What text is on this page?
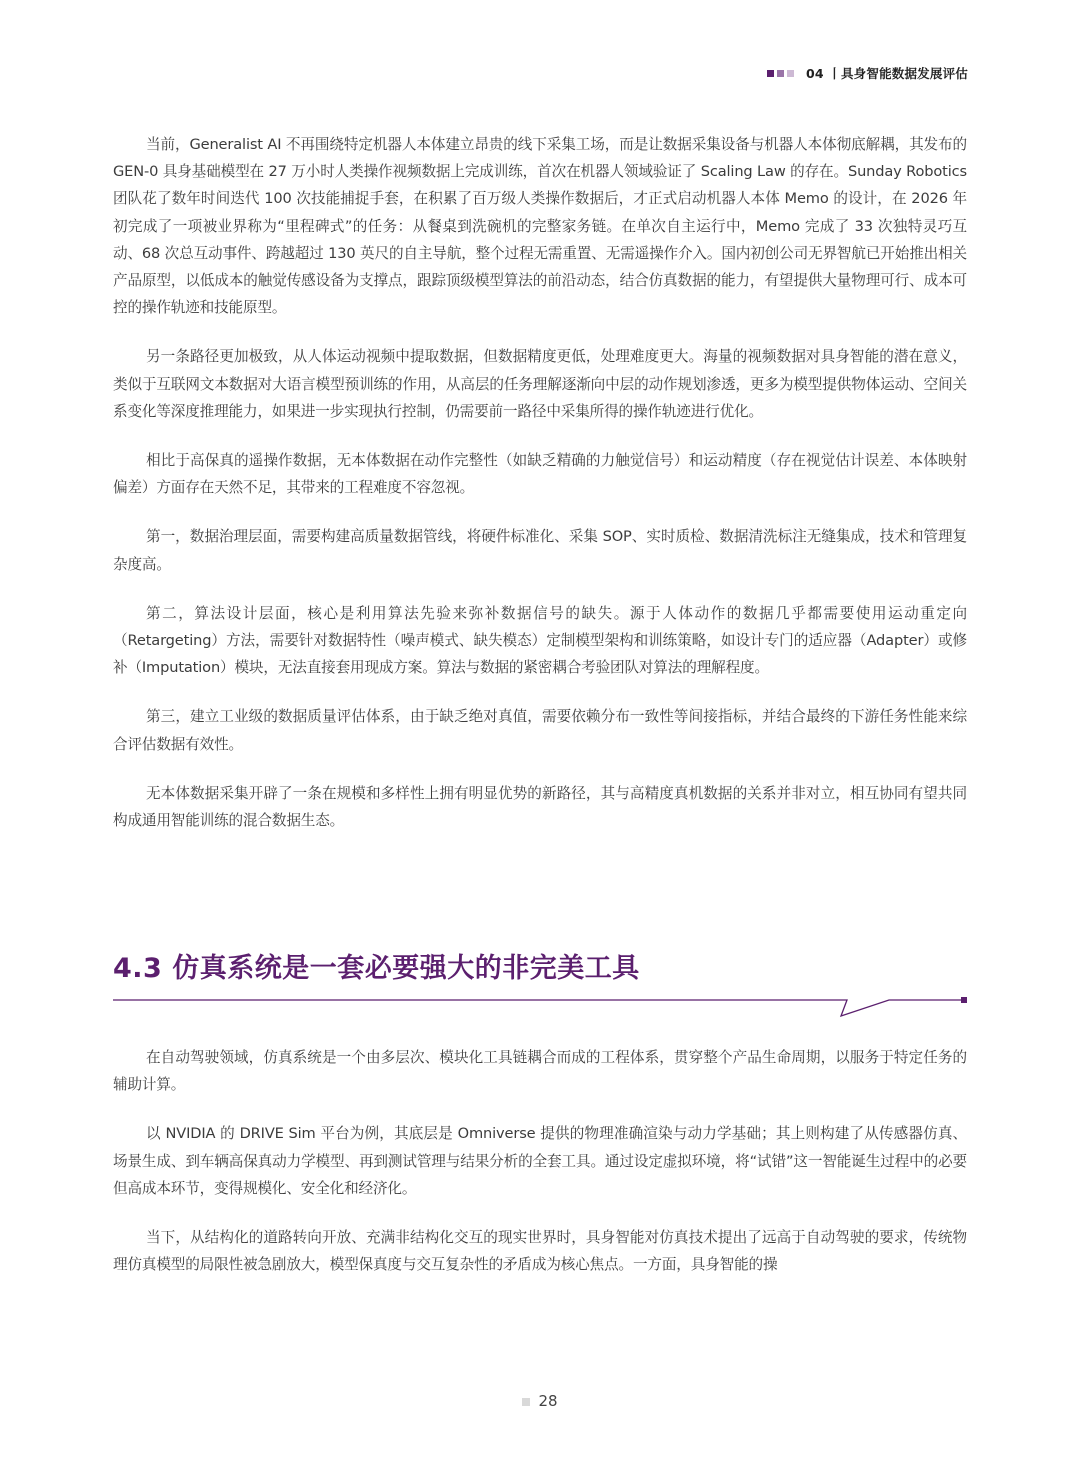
04 丨具身智能数据发展评估

当前，Generalist AI 不再围绕特定机器人本体建立昂贵的线下采集工场，而是让数据采集设备与机器人本体彻底解耦，其发布的 GEN-0 具身基础模型在 27 万小时人类操作视频数据上完成训练，首次在机器人领域验证了 Scaling Law 的存在。Sunday Robotics 团队花了数年时间迭代 100 次技能捕捉手套，在积累了百万级人类操作数据后，才正式启动机器人本体 Memo 的设计，在 2026 年初完成了一项被业界称为“里程碑式”的任务：从餐桌到洗碗机的完整家务链。在单次自主运行中，Memo 完成了 33 次独特灵巧互动、68 次总互动事件、跨越超过 130 英尺的自主导航，整个过程无需重置、无需遥操作介入。国内初创公司无界智航已开始推出相关产品原型，以低成本的触觉传感设备为支撑点，跟踪顶级模型算法的前沿动态，结合仿真数据的能力，有望提供大量物理可行、成本可控的操作轨迹和技能原型。

另一条路径更加极致，从人体运动视频中提取数据，但数据精度更低，处理难度更大。海量的视频数据对具身智能的潜在意义，类似于互联网文本数据对大语言模型预训练的作用，从高层的任务理解逐渐向中层的动作规划渗透，更多为模型提供物体运动、空间关系变化等深度推理能力，如果进一步实现执行控制，仍需要前一路径中采集所得的操作轨迹进行优化。

相比于高保真的遥操作数据，无本体数据在动作完整性（如缺乏精确的力触觉信号）和运动精度（存在视觉估计误差、本体映射偏差）方面存在天然不足，其带来的工程难度不容忽视。

第一，数据治理层面，需要构建高质量数据管线，将硬件标准化、采集 SOP、实时质检、数据清洗标注无缝集成，技术和管理复杂度高。

第二，算法设计层面，核心是利用算法先验来弥补数据信号的缺失。源于人体动作的数据几乎都需要使用运动重定向（Retargeting）方法，需要针对数据特性（噪声模式、缺失模态）定制模型架构和训练策略，如设计专门的适应器（Adapter）或修补（Imputation）模块，无法直接套用现成方案。算法与数据的紧密耦合考验团队对算法的理解程度。

第三，建立工业级的数据质量评估体系，由于缺乏绝对真值，需要依赖分布一致性等间接指标，并结合最终的下游任务性能来综合评估数据有效性。

无本体数据采集开辟了一条在规模和多样性上拥有明显优势的新路径，其与高精度真机数据的关系并非对立，相互协同有望共同构成通用智能训练的混合数据生态。

4.3 仿真系统是一套必要强大的非完美工具

在自动驾驶领域，仿真系统是一个由多层次、模块化工具链耦合而成的工程体系，贯穿整个产品生命周期，以服务于特定任务的辅助计算。

以 NVIDIA 的 DRIVE Sim 平台为例，其底层是 Omniverse 提供的物理准确渲染与动力学基础；其上则构建了从传感器仿真、场景生成、到车辆高保真动力学模型、再到测试管理与结果分析的全套工具。通过设定虚拟环境，将“试错”这一智能诞生过程中的必要但高成本环节，变得规模化、安全化和经济化。

当下，从结构化的道路转向开放、充满非结构化交互的现实世界时，具身智能对仿真技术提出了远高于自动驾驶的要求，传统物理仿真模型的局限性被急剧放大，模型保真度与交互复杂性的矛盾成为核心焦点。一方面，具身智能的操

28
